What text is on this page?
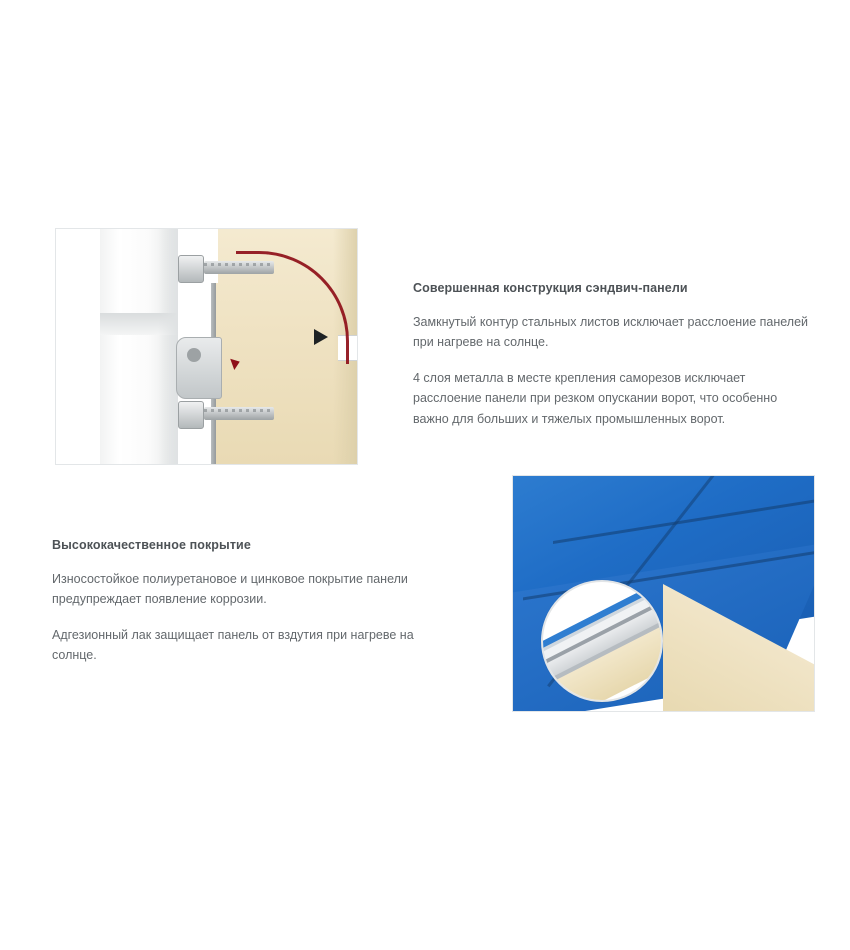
Совершенная конструкция сэндвич-панели

Замкнутый контур стальных листов исключает расслоение панелей при нагреве на солнце.

4 слоя металла в месте крепления саморезов исключает расслоение панели при резком опускании ворот, что особенно важно для больших и тяжелых промышленных ворот.

Высококачественное покрытие

Износостойкое полиуретановое и цинковое покрытие панели предупреждает появление коррозии.

Адгезионный лак защищает панель от вздутия при нагреве на солнце.
